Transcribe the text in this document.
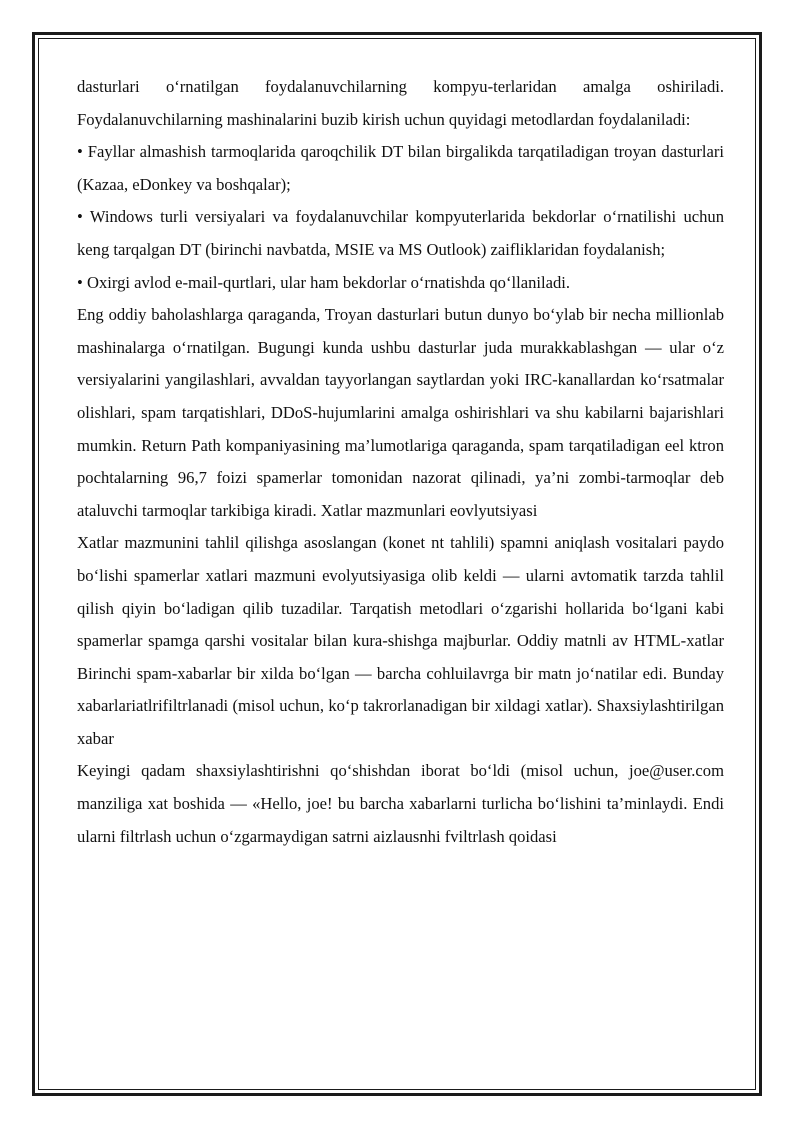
dasturlari o‘rnatilgan foydalanuvchilarning kompyu-terlaridan amalga oshiriladi. Foydalanuvchilarning mashinalarini buzib kirish uchun quyidagi metodlardan foydalaniladi:

• Fayllar almashish tarmoqlarida qaroqchilik DT bilan birgalikda tarqatiladigan troyan dasturlari (Kazaa, eDonkey va boshqalar);

• Windows turli versiyalari va foydalanuvchilar kompyuterlarida bekdorlar o‘rnatilishi uchun keng tarqalgan DT (birinchi navbatda, MSIE va MS Outlook) zaifliklaridan foydalanish;

• Oxirgi avlod e-mail-qurtlari, ular ham bekdorlar o‘rnatishda qo‘llaniladi.

Eng oddiy baholashlarga qaraganda, Troyan dasturlari butun dunyo bo‘ylab bir necha millionlab mashinalarga o‘rnatilgan. Bugungi kunda ushbu dasturlar juda murakkablashgan — ular o‘z versiyalarini yangilashlari, avvaldan tayyorlangan saytlardan yoki IRC-kanallardan ko‘rsatmalar olishlari, spam tarqatishlari, DDoS-hujumlarini amalga oshirishlari va shu kabilarni bajarishlari mumkin. Return Path kompaniyasining ma’lumotlariga qaraganda, spam tarqatiladigan eel ktron pochtalarning 96,7 foizi spamerlar tomonidan nazorat qilinadi, ya’ni zombi-tarmoqlar deb ataluvchi tarmoqlar tarkibiga kiradi. Xatlar mazmunlari eovlyutsiyasi

Xatlar mazmunini tahlil qilishga asoslangan (konet nt tahlili) spamni aniqlash vositalari paydo bo‘lishi spamerlar xatlari mazmuni evolyutsiyasiga olib keldi — ularni avtomatik tarzda tahlil qilish qiyin bo‘ladigan qilib tuzadilar. Tarqatish metodlari o‘zgarishi hollarida bo‘lgani kabi spamerlar spamga qarshi vositalar bilan kura-shishga majburlar. Oddiy matnli av HTML-xatlar Birinchi spam-xabarlar bir xilda bo‘lgan — barcha cohluilavrga bir matn jo‘natilar edi. Bunday xabarlariatlrifiltrlanadi (misol uchun, ko‘p takrorlanadigan bir xildagi xatlar). Shaxsiylashtirilgan xabar

Keyingi qadam shaxsiylashtirishni qo‘shishdan iborat bo‘ldi (misol uchun, joe@user.com manziliga xat boshida — «Hello, joe! bu barcha xabarlarni turlicha bo‘lishini ta’minlaydi. Endi ularni filtrlash uchun o‘zgarmaydigan satrni aizlausnhi fviltrlash qoidasi
